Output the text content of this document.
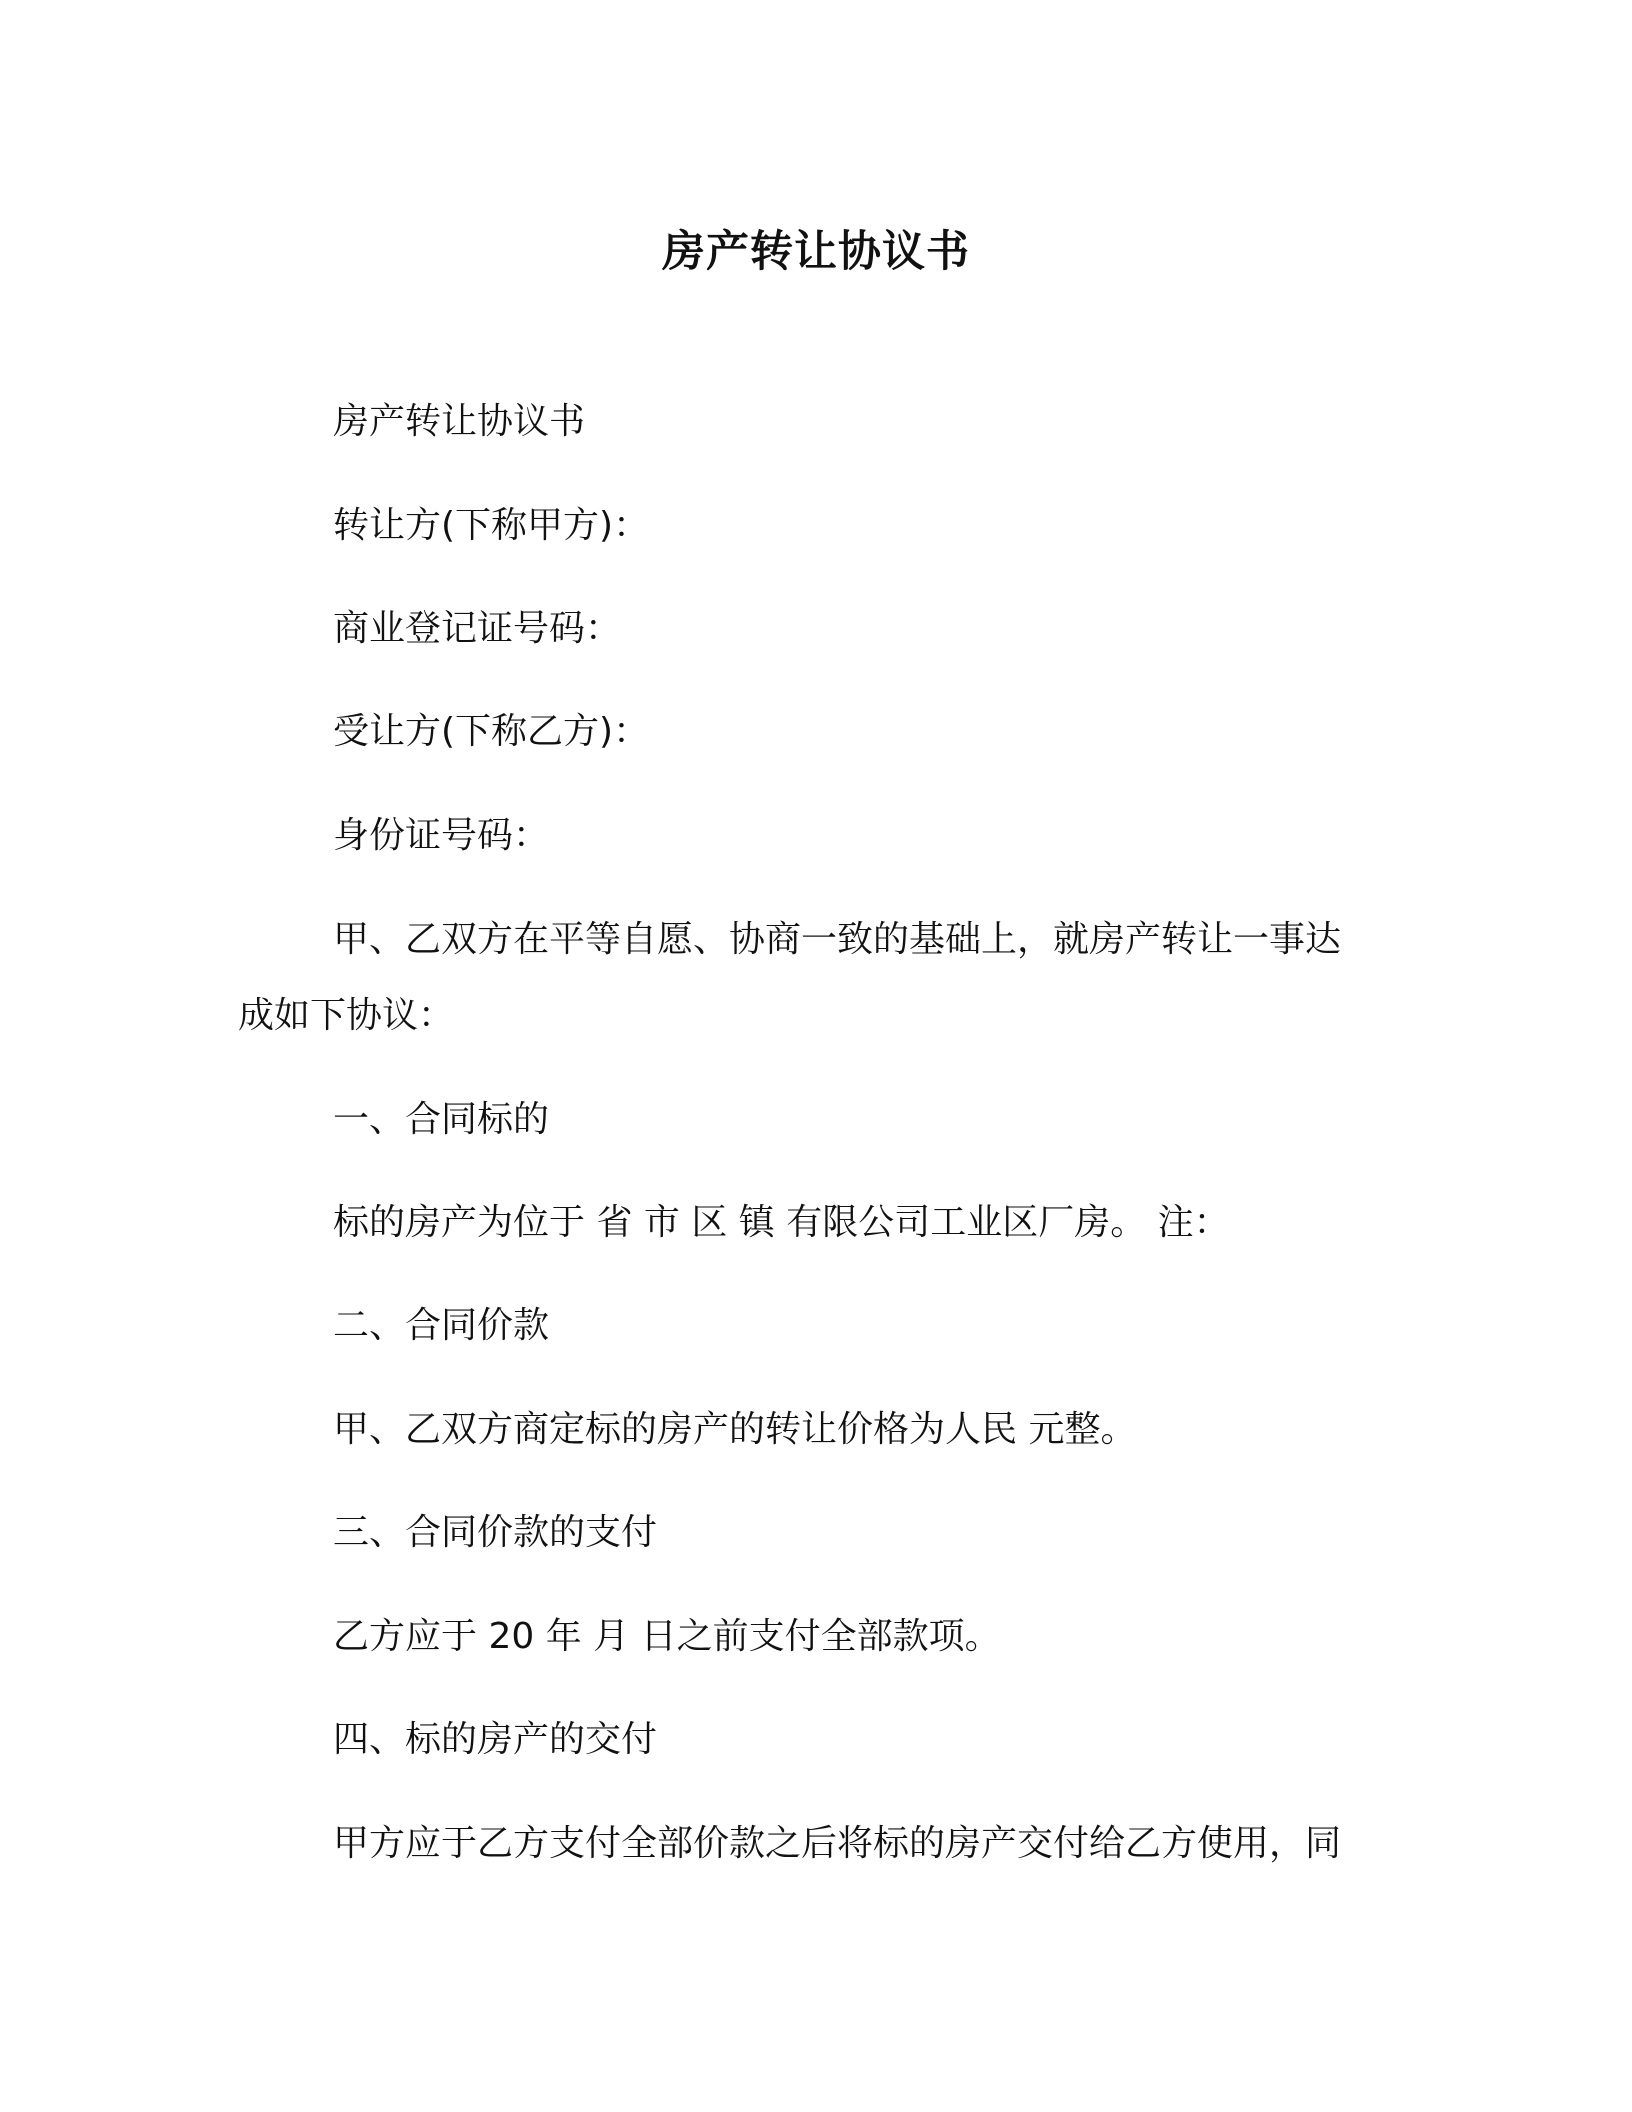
房产转让协议书
房产转让协议书
转让方(下称甲方)：
商业登记证号码：
受让方(下称乙方)：
身份证号码：
甲、乙双方在平等自愿、协商一致的基础上，就房产转让一事达
成如下协议：
一、合同标的
标的房产为位于 省 市 区 镇 有限公司工业区厂房。 注：
二、合同价款
甲、乙双方商定标的房产的转让价格为人民 元整。
三、合同价款的支付
乙方应于 20 年 月 日之前支付全部款项。
四、标的房产的交付
甲方应于乙方支付全部价款之后将标的房产交付给乙方使用，同
